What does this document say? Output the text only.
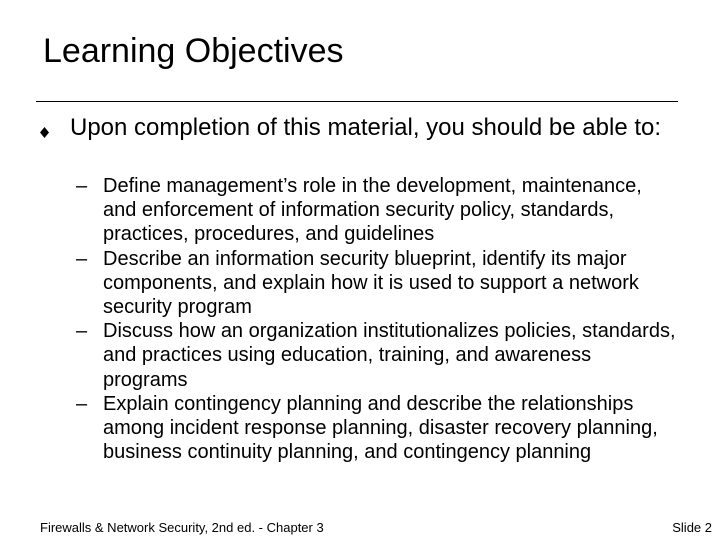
Learning Objectives
Upon completion of this material, you should be able to:
– Define management’s role in the development, maintenance, and enforcement of information security policy, standards, practices, procedures, and guidelines
– Describe an information security blueprint, identify its major components, and explain how it is used to support a network security program
– Discuss how an organization institutionalizes policies, standards, and practices using education, training, and awareness programs
– Explain contingency planning and describe the relationships among incident response planning, disaster recovery planning, business continuity planning, and contingency planning
Firewalls & Network Security, 2nd ed. - Chapter 3	Slide 2
